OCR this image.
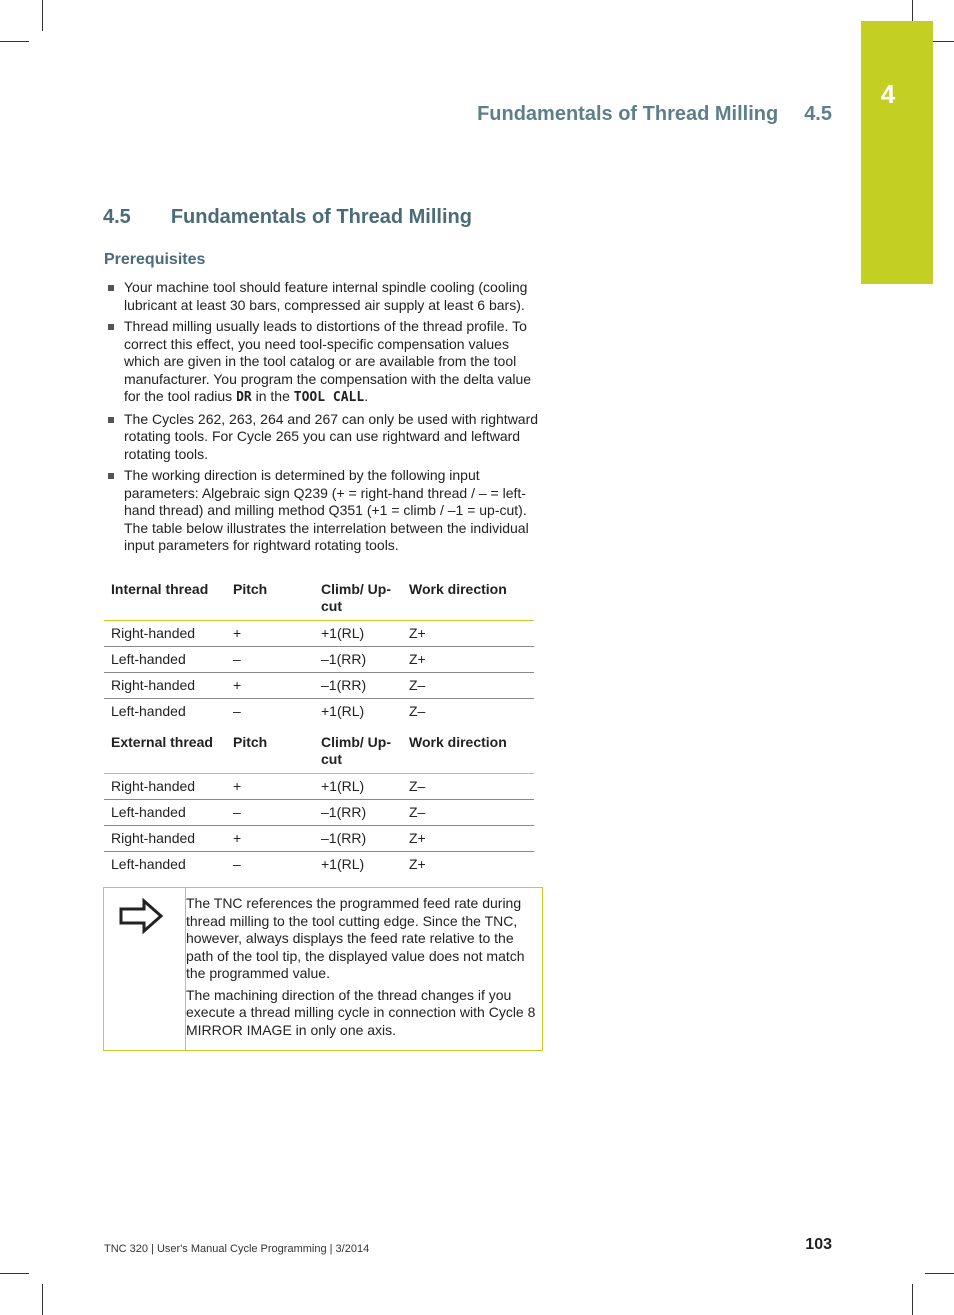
4
Fundamentals of Thread Milling 4.5
4.5 Fundamentals of Thread Milling
Prerequisites
Your machine tool should feature internal spindle cooling (cooling lubricant at least 30 bars, compressed air supply at least 6 bars).
Thread milling usually leads to distortions of the thread profile. To correct this effect, you need tool-specific compensation values which are given in the tool catalog or are available from the tool manufacturer. You program the compensation with the delta value for the tool radius DR in the TOOL CALL.
The Cycles 262, 263, 264 and 267 can only be used with rightward rotating tools. For Cycle 265 you can use rightward and leftward rotating tools.
The working direction is determined by the following input parameters: Algebraic sign Q239 (+ = right-hand thread / – = left-hand thread) and milling method Q351 (+1 = climb / –1 = up-cut). The table below illustrates the interrelation between the individual input parameters for rightward rotating tools.
Internal thread	Pitch	Climb/ Up-cut	Work direction
Right-handed	+	+1(RL)	Z+
Left-handed	–	–1(RR)	Z+
Right-handed	+	–1(RR)	Z–
Left-handed	–	+1(RL)	Z–
External thread	Pitch	Climb/ Up-cut	Work direction
Right-handed	+	+1(RL)	Z–
Left-handed	–	–1(RR)	Z–
Right-handed	+	–1(RR)	Z+
Left-handed	–	+1(RL)	Z+

The TNC references the programmed feed rate during thread milling to the tool cutting edge. Since the TNC, however, always displays the feed rate relative to the path of the tool tip, the displayed value does not match the programmed value.

The machining direction of the thread changes if you execute a thread milling cycle in connection with Cycle 8 MIRROR IMAGE in only one axis.

TNC 320 | User's Manual Cycle Programming | 3/2014	103
